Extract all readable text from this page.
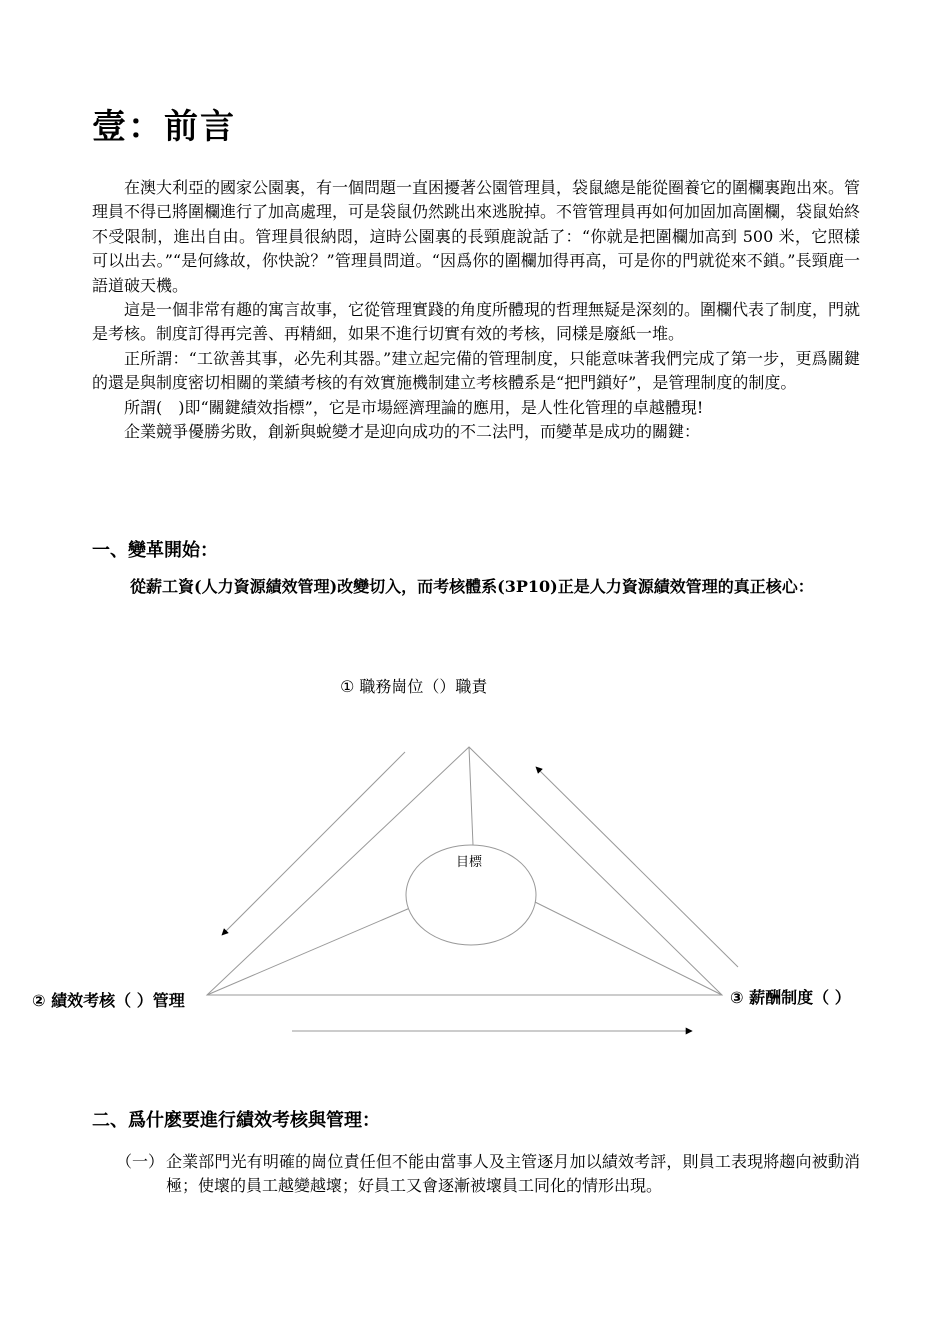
壹：前言

在澳大利亞的國家公園裏，有一個問題一直困擾著公園管理員，袋鼠總是能從圈養它的圍欄裏跑出來。管理員不得已將圍欄進行了加高處理，可是袋鼠仍然跳出來逃脫掉。不管管理員再如何加固加高圍欄，袋鼠始終不受限制，進出自由。管理員很納悶，這時公園裏的長頸鹿說話了：“你就是把圍欄加高到 500 米，它照樣可以出去。”“是何緣故，你快說？”管理員問道。“因爲你的圍欄加得再高，可是你的門就從來不鎖。”長頸鹿一語道破天機。

這是一個非常有趣的寓言故事，它從管理實踐的角度所體現的哲理無疑是深刻的。圍欄代表了制度，門就是考核。制度訂得再完善、再精細，如果不進行切實有效的考核，同樣是廢紙一堆。

正所謂：“工欲善其事，必先利其器。”建立起完備的管理制度，只能意味著我們完成了第一步，更爲關鍵的還是與制度密切相關的業績考核的有效實施機制建立考核體系是“把門鎖好”，是管理制度的制度。

所謂(　)即“關鍵績效指標”，它是市場經濟理論的應用，是人性化管理的卓越體現!

企業競爭優勝劣敗，創新與蛻變才是迎向成功的不二法門，而變革是成功的關鍵：

一、變革開始：
從薪工資(人力資源績效管理)改變切入，而考核體系(3P10)正是人力資源績效管理的真正核心：
① 職務崗位（）職責
② 績效考核（ ）管理	③ 薪酬制度（ ）
目標
二、爲什麽要進行績效考核與管理：
（一） 企業部門光有明確的崗位責任但不能由當事人及主管逐月加以績效考評，則員工表現將趨向被動消極；使壞的員工越變越壞；好員工又會逐漸被壞員工同化的情形出現。
